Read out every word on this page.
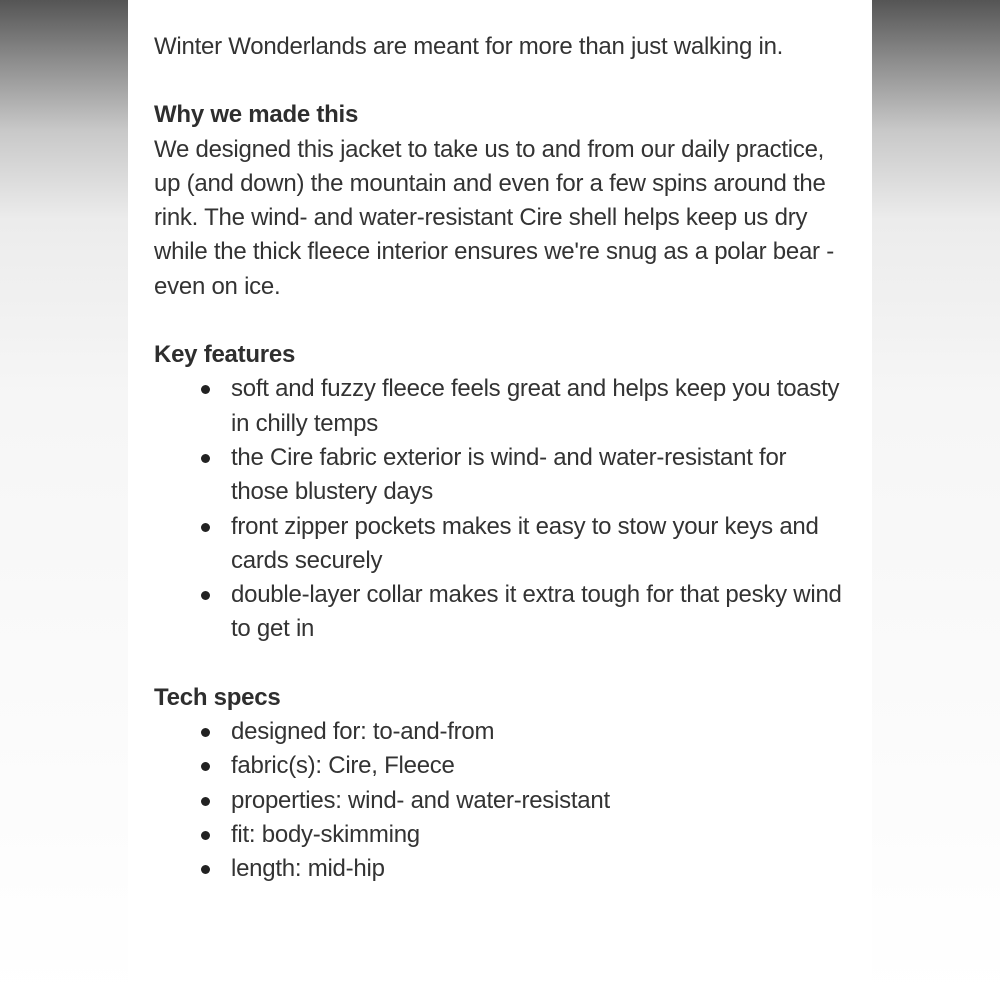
Winter Wonderlands are meant for more than just walking in.

Why we made this

We designed this jacket to take us to and from our daily practice, up (and down) the mountain and even for a few spins around the rink. The wind- and water-resistant Cire shell helps keep us dry while the thick fleece interior ensures we're snug as a polar bear - even on ice.

Key features

soft and fuzzy fleece feels great and helps keep you toasty in chilly temps
the Cire fabric exterior is wind- and water-resistant for those blustery days
front zipper pockets makes it easy to stow your keys and cards securely
double-layer collar makes it extra tough for that pesky wind to get in

Tech specs

designed for: to-and-from
fabric(s): Cire, Fleece
properties: wind- and water-resistant
fit: body-skimming
length: mid-hip
